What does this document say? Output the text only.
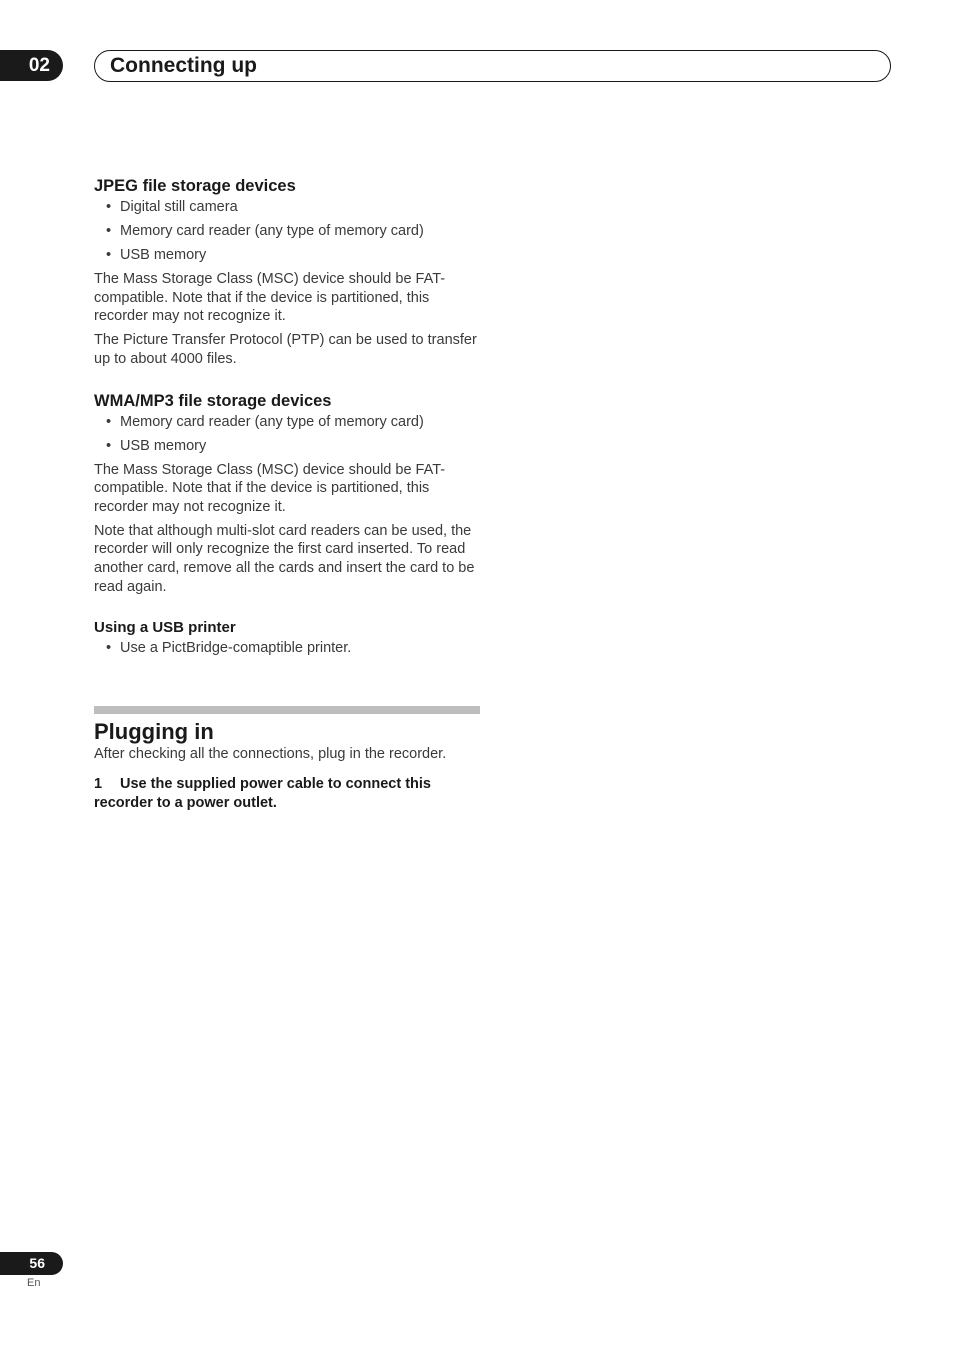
02	Connecting up
JPEG file storage devices
• Digital still camera
• Memory card reader (any type of memory card)
• USB memory

The Mass Storage Class (MSC) device should be FAT-compatible. Note that if the device is partitioned, this recorder may not recognize it.

The Picture Transfer Protocol (PTP) can be used to transfer up to about 4000 files.

WMA/MP3 file storage devices
• Memory card reader (any type of memory card)
• USB memory

The Mass Storage Class (MSC) device should be FAT-compatible. Note that if the device is partitioned, this recorder may not recognize it.

Note that although multi-slot card readers can be used, the recorder will only recognize the first card inserted. To read another card, remove all the cards and insert the card to be read again.

Using a USB printer
• Use a PictBridge-comaptible printer.
Plugging in

After checking all the connections, plug in the recorder.

1 Use the supplied power cable to connect this recorder to a power outlet.
56
En
